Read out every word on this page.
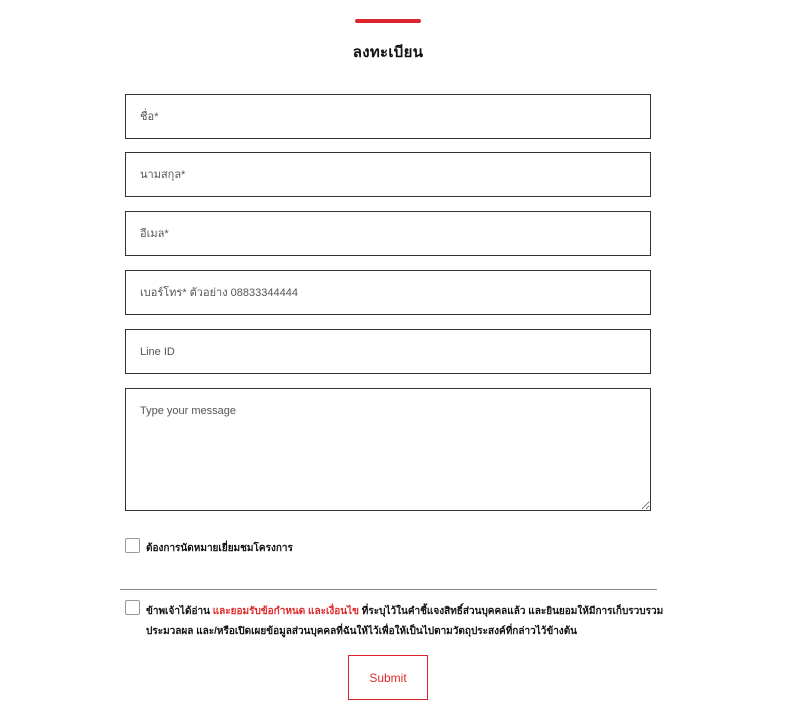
ลงทะเบียน
ชื่อ*
นามสกุล*
อีเมล*
เบอร์โทร* ตัวอย่าง 08833344444
Line ID
Type your message
ต้องการนัดหมายเยี่ยมชมโครงการ
ข้าพเจ้าได้อ่าน และยอมรับข้อกำหนด และเงื่อนไข ที่ระบุไว้ในคำชี้แจงสิทธิ์ส่วนบุคคลแล้ว และยินยอมให้มีการเก็บรวบรวม ประมวลผล และ/หรือเปิดเผยข้อมูลส่วนบุคคลที่ฉันให้ไว้เพื่อให้เป็นไปตามวัตถุประสงค์ที่กล่าวไว้ข้างต้น
Submit
